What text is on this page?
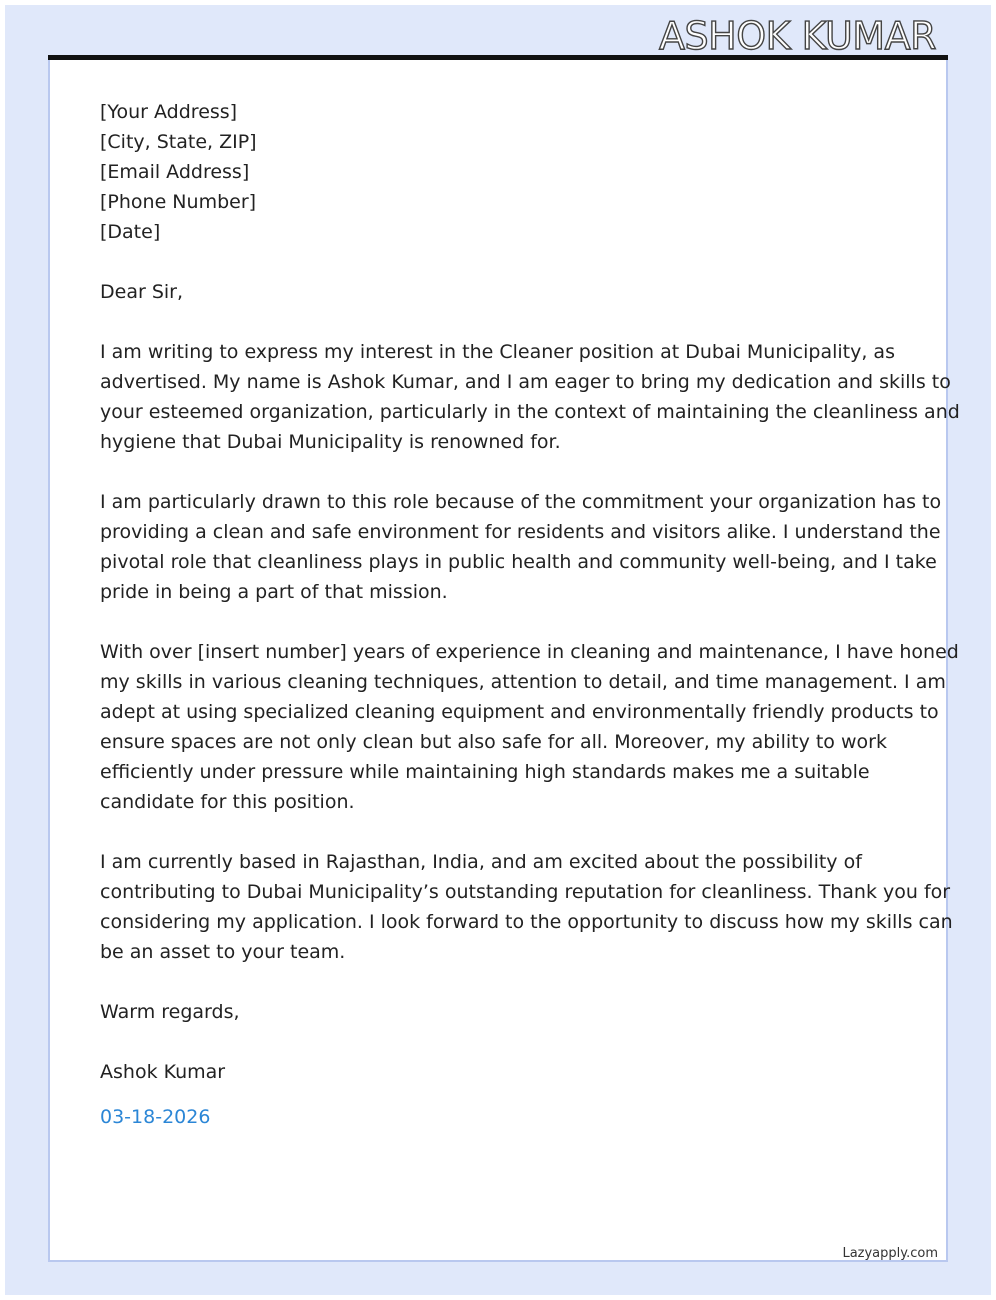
ASHOK KUMAR
[Your Address]
[City, State, ZIP]
[Email Address]
[Phone Number]
[Date]
Dear Sir,
I am writing to express my interest in the Cleaner position at Dubai Municipality, as
advertised. My name is Ashok Kumar, and I am eager to bring my dedication and skills to
your esteemed organization, particularly in the context of maintaining the cleanliness and
hygiene that Dubai Municipality is renowned for.
I am particularly drawn to this role because of the commitment your organization has to
providing a clean and safe environment for residents and visitors alike. I understand the
pivotal role that cleanliness plays in public health and community well-being, and I take
pride in being a part of that mission.
With over [insert number] years of experience in cleaning and maintenance, I have honed
my skills in various cleaning techniques, attention to detail, and time management. I am
adept at using specialized cleaning equipment and environmentally friendly products to
ensure spaces are not only clean but also safe for all. Moreover, my ability to work
efficiently under pressure while maintaining high standards makes me a suitable
candidate for this position.
I am currently based in Rajasthan, India, and am excited about the possibility of
contributing to Dubai Municipality’s outstanding reputation for cleanliness. Thank you for
considering my application. I look forward to the opportunity to discuss how my skills can
be an asset to your team.
Warm regards,
Ashok Kumar
03-18-2026
Lazyapply.com
